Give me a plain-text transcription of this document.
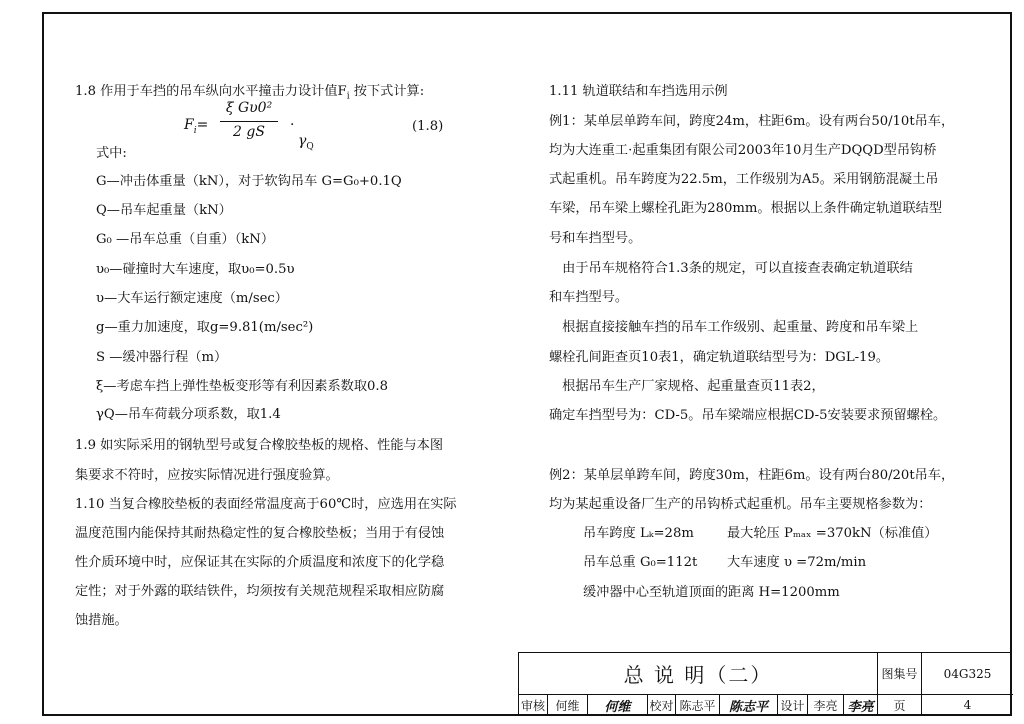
1.8 作用于车挡的吊车纵向水平撞击力设计值$F_i$ 按下式计算:
$F_i=$
ξ Gυ0²
2 gS	· $\gamma_Q$
(1.8)
式中:
G—冲击体重量（kN），对于软钩吊车 G=G₀+0.1Q
Q—吊车起重量（kN）
G₀ —吊车总重（自重）（kN）
υ₀—碰撞时大车速度，取υ₀=0.5υ
υ—大车运行额定速度（m/sec）
g—重力加速度，取g=9.81(m/sec²)
S —缓冲器行程（m）
ξ—考虑车挡上弹性垫板变形等有利因素系数取0.8
γQ—吊车荷载分项系数，取1.4
1.9 如实际采用的钢轨型号或复合橡胶垫板的规格、性能与本图
集要求不符时，应按实际情况进行强度验算。
1.10 当复合橡胶垫板的表面经常温度高于60℃时，应选用在实际
温度范围内能保持其耐热稳定性的复合橡胶垫板；当用于有侵蚀
性介质环境中时，应保证其在实际的介质温度和浓度下的化学稳
定性；对于外露的联结铁件，均须按有关规范规程采取相应防腐
蚀措施。
1.11 轨道联结和车挡选用示例
例1：某单层单跨车间，跨度24m，柱距6m。设有两台50/10t吊车，
均为大连重工·起重集团有限公司2003年10月生产DQQD型吊钩桥
式起重机。吊车跨度为22.5m，工作级别为A5。采用钢筋混凝土吊
车梁，吊车梁上螺栓孔距为280mm。根据以上条件确定轨道联结型
号和车挡型号。
　由于吊车规格符合1.3条的规定，可以直接查表确定轨道联结
和车挡型号。
　根据直接接触车挡的吊车工作级别、起重量、跨度和吊车梁上
螺栓孔间距查页10表1，确定轨道联结型号为：DGL-19。
　根据吊车生产厂家规格、起重量查页11表2，
确定车挡型号为：CD-5。吊车梁端应根据CD-5安装要求预留螺栓。
例2：某单层单跨车间，跨度30m，柱距6m。设有两台80/20t吊车，
均为某起重设备厂生产的吊钩桥式起重机。吊车主要规格参数为：
吊车跨度 Lₖ=28m	最大轮压 Pₘₐₓ =370kN（标准值）
吊车总重 G₀=112t 大车速度 υ =72m/min
缓冲器中心至轨道顶面的距离 H=1200mm
总 说 明（二）	图集号	04G325
审核 何维	何维	校对 陈志平	陈志平	设计 李亮 李亮	页	4
